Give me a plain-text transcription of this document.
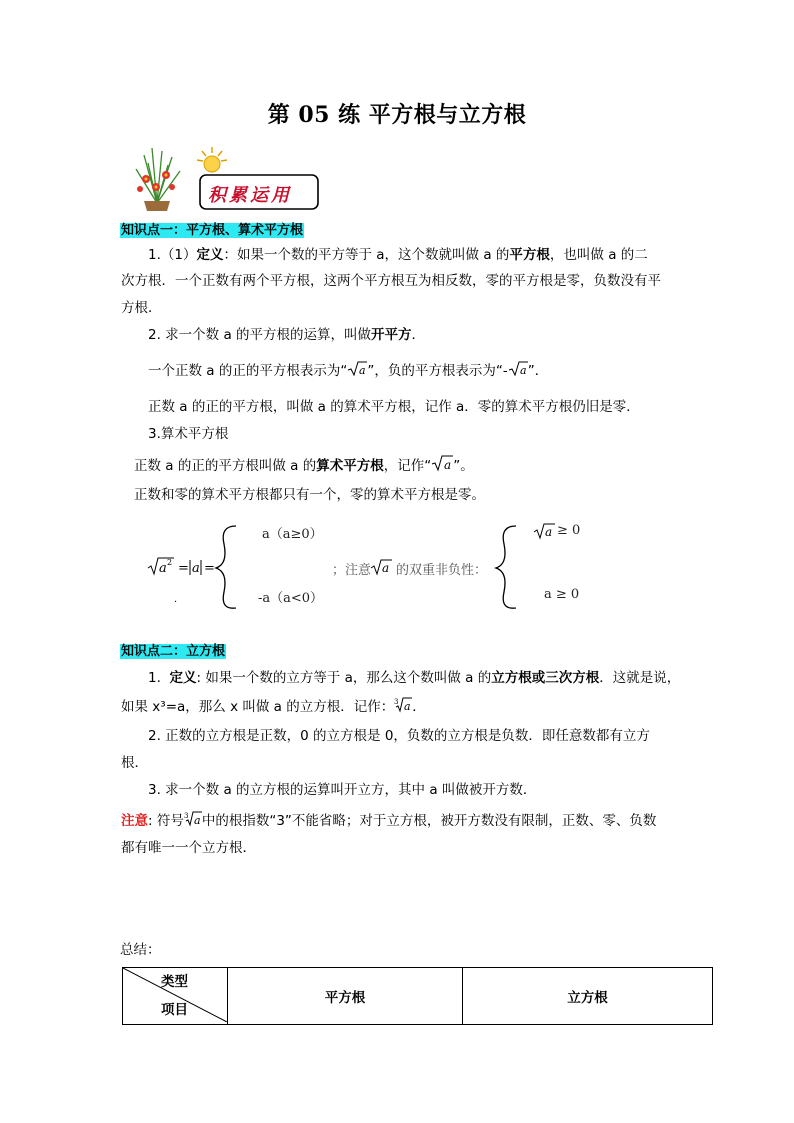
第 05 练 平方根与立方根
积累运用
知识点一：平方根、算术平方根
1.（1）定义：如果一个数的平方等于 a，这个数就叫做 a 的平方根，也叫做 a 的二
次方根．一个正数有两个平方根，这两个平方根互为相反数，零的平方根是零，负数没有平
方根．
2. 求一个数 a 的平方根的运算，叫做开平方．
一个正数 a 的正的平方根表示为“ a ”，负的平方根表示为“- a ”．
正数 a 的正的平方根，叫做 a 的算术平方根，记作 a．零的算术平方根仍旧是零．
3.算术平方根
正数 a 的正的平方根叫做 a 的算术平方根，记作“ a ”。
正数和零的算术平方根都只有一个，零的算术平方根是零。
a 2 = a =	a
a
.
a（a≥0）
-a（a<0）
；注意 的双重非负性：
≥ 0
a ≥ 0
知识点二：立方根
1. 定义: 如果一个数的立方等于 a，那么这个数叫做 a 的立方根或三次方根．这就是说，
如果 x³=a，那么 x 叫做 a 的立方根．记作： 3 a ．
2. 正数的立方根是正数，0 的立方根是 0，负数的立方根是负数．即任意数都有立方
根．
3. 求一个数 a 的立方根的运算叫开立方，其中 a 叫做被开方数．
注意: 符号 3 a 中的根指数“3”不能省略；对于立方根，被开方数没有限制，正数、零、负数
都有唯一一个立方根．
总结：
类型
项目
	平方根	立方根
